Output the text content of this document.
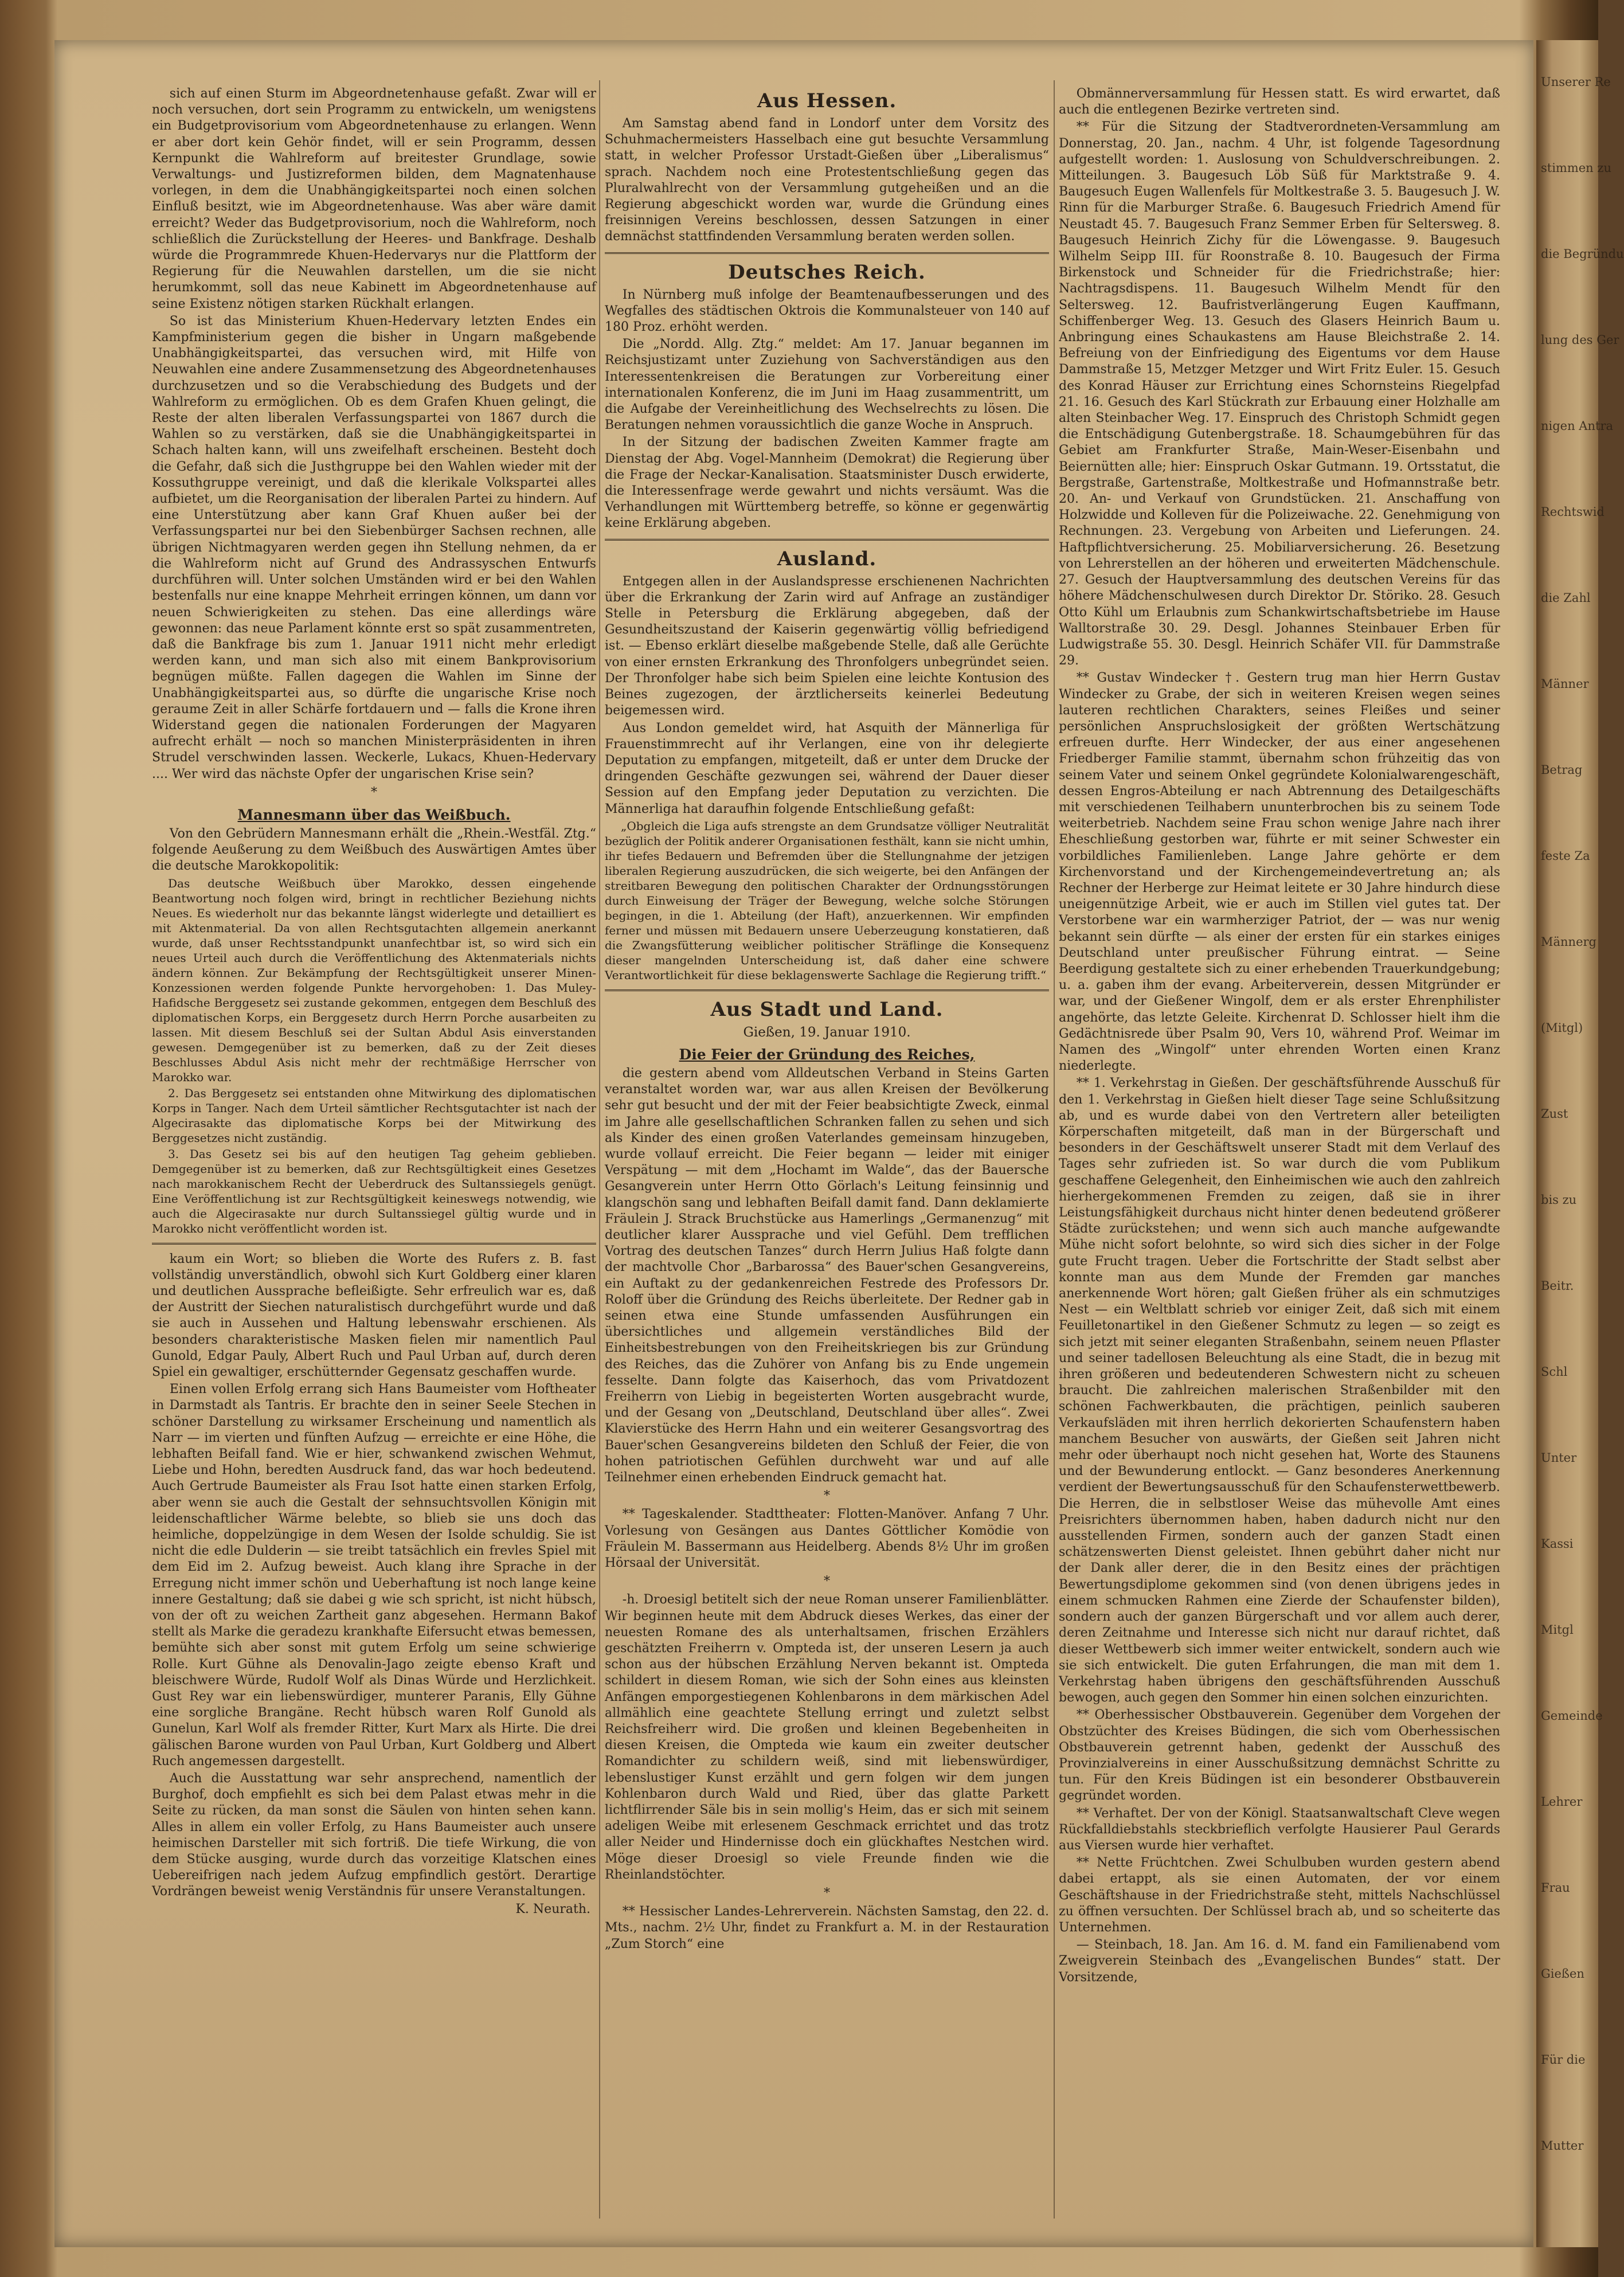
Unserer Re
stimmen zu
die Begründu
lung des Ger
nigen Antra
Rechtswid
die Zahl
Männer
Betrag
feste Za
Männerg
(Mitgl)
Zust
bis zu
Beitr.
Schl
Unter
Kassi
Mitgl
Gemeinde
Lehrer
Frau
Gießen
Für die
Mutter

sich auf einen Sturm im Abgeordnetenhause gefaßt. Zwar will er noch versuchen, dort sein Programm zu entwickeln, um wenigstens ein Budgetprovisorium vom Abgeordnetenhause zu erlangen. Wenn er aber dort kein Gehör findet, will er sein Programm, dessen Kernpunkt die Wahlreform auf breitester Grundlage, sowie Verwaltungs- und Justizreformen bilden, dem Magnatenhause vorlegen, in dem die Unabhängigkeitspartei noch einen solchen Einfluß besitzt, wie im Abgeordnetenhause. Was aber wäre damit erreicht? Weder das Budgetprovisorium, noch die Wahlreform, noch schließlich die Zurückstellung der Heeres- und Bankfrage. Deshalb würde die Programmrede Khuen-Hedervarys nur die Plattform der Regierung für die Neuwahlen darstellen, um die sie nicht herumkommt, soll das neue Kabinett im Abgeordnetenhause auf seine Existenz nötigen starken Rückhalt erlangen.

So ist das Ministerium Khuen-Hedervary letzten Endes ein Kampfministerium gegen die bisher in Ungarn maßgebende Unabhängigkeitspartei, das versuchen wird, mit Hilfe von Neuwahlen eine andere Zusammensetzung des Abgeordnetenhauses durchzusetzen und so die Verabschiedung des Budgets und der Wahlreform zu ermöglichen. Ob es dem Grafen Khuen gelingt, die Reste der alten liberalen Verfassungspartei von 1867 durch die Wahlen so zu verstärken, daß sie die Unabhängigkeitspartei in Schach halten kann, will uns zweifelhaft erscheinen. Besteht doch die Gefahr, daß sich die Justhgruppe bei den Wahlen wieder mit der Kossuthgruppe vereinigt, und daß die klerikale Volkspartei alles aufbietet, um die Reorganisation der liberalen Partei zu hindern. Auf eine Unterstützung aber kann Graf Khuen außer bei der Verfassungspartei nur bei den Siebenbürger Sachsen rechnen, alle übrigen Nichtmagyaren werden gegen ihn Stellung nehmen, da er die Wahlreform nicht auf Grund des Andrassyschen Entwurfs durchführen will. Unter solchen Umständen wird er bei den Wahlen bestenfalls nur eine knappe Mehrheit erringen können, um dann vor neuen Schwierigkeiten zu stehen. Das eine allerdings wäre gewonnen: das neue Parlament könnte erst so spät zusammentreten, daß die Bankfrage bis zum 1. Januar 1911 nicht mehr erledigt werden kann, und man sich also mit einem Bankprovisorium begnügen müßte. Fallen dagegen die Wahlen im Sinne der Unabhängigkeitspartei aus, so dürfte die ungarische Krise noch geraume Zeit in aller Schärfe fortdauern und — falls die Krone ihren Widerstand gegen die nationalen Forderungen der Magyaren aufrecht erhält — noch so manchen Ministerpräsidenten in ihren Strudel verschwinden lassen. Weckerle, Lukacs, Khuen-Hedervary .... Wer wird das nächste Opfer der ungarischen Krise sein?

*
Mannesmann über das Weißbuch.

Von den Gebrüdern Mannesmann erhält die „Rhein.-Westfäl. Ztg.“ folgende Aeußerung zu dem Weißbuch des Auswärtigen Amtes über die deutsche Marokkopolitik:

Das deutsche Weißbuch über Marokko, dessen eingehende Beantwortung noch folgen wird, bringt in rechtlicher Beziehung nichts Neues. Es wiederholt nur das bekannte längst widerlegte und detailliert es mit Aktenmaterial. Da von allen Rechtsgutachten allgemein anerkannt wurde, daß unser Rechtsstandpunkt unanfechtbar ist, so wird sich ein neues Urteil auch durch die Veröffentlichung des Aktenmaterials nichts ändern können. Zur Bekämpfung der Rechtsgültigkeit unserer Minen-Konzessionen werden folgende Punkte hervorgehoben: 1. Das Muley-Hafidsche Berggesetz sei zustande gekommen, entgegen dem Beschluß des diplomatischen Korps, ein Berggesetz durch Herrn Porche ausarbeiten zu lassen. Mit diesem Beschluß sei der Sultan Abdul Asis einverstanden gewesen. Demgegenüber ist zu bemerken, daß zu der Zeit dieses Beschlusses Abdul Asis nicht mehr der rechtmäßige Herrscher von Marokko war.

2. Das Berggesetz sei entstanden ohne Mitwirkung des diplomatischen Korps in Tanger. Nach dem Urteil sämtlicher Rechtsgutachter ist nach der Algecirasakte das diplomatische Korps bei der Mitwirkung des Berggesetzes nicht zuständig.

3. Das Gesetz sei bis auf den heutigen Tag geheim geblieben. Demgegenüber ist zu bemerken, daß zur Rechtsgültigkeit eines Gesetzes nach marokkanischem Recht der Ueberdruck des Sultanssiegels genügt. Eine Veröffentlichung ist zur Rechtsgültigkeit keineswegs notwendig, wie auch die Algecirasakte nur durch Sultanssiegel gültig wurde und in Marokko nicht veröffentlicht worden ist.

kaum ein Wort; so blieben die Worte des Rufers z. B. fast vollständig unverständlich, obwohl sich Kurt Goldberg einer klaren und deutlichen Aussprache befleißigte. Sehr erfreulich war es, daß der Austritt der Siechen naturalistisch durchgeführt wurde und daß sie auch in Aussehen und Haltung lebenswahr erschienen. Als besonders charakteristische Masken fielen mir namentlich Paul Gunold, Edgar Pauly, Albert Ruch und Paul Urban auf, durch deren Spiel ein gewaltiger, erschütternder Gegensatz geschaffen wurde.

Einen vollen Erfolg errang sich Hans Baumeister vom Hoftheater in Darmstadt als Tantris. Er brachte den in seiner Seele Stechen in schöner Darstellung zu wirksamer Erscheinung und namentlich als Narr — im vierten und fünften Aufzug — erreichte er eine Höhe, die lebhaften Beifall fand. Wie er hier, schwankend zwischen Wehmut, Liebe und Hohn, beredten Ausdruck fand, das war hoch bedeutend. Auch Gertrude Baumeister als Frau Isot hatte einen starken Erfolg, aber wenn sie auch die Gestalt der sehnsuchtsvollen Königin mit leidenschaftlicher Wärme belebte, so blieb sie uns doch das heimliche, doppelzüngige in dem Wesen der Isolde schuldig. Sie ist nicht die edle Dulderin — sie treibt tatsächlich ein frevles Spiel mit dem Eid im 2. Aufzug beweist. Auch klang ihre Sprache in der Erregung nicht immer schön und Ueberhaftung ist noch lange keine innere Gestaltung; daß sie dabei g wie sch spricht, ist nicht hübsch, von der oft zu weichen Zartheit ganz abgesehen. Hermann Bakof stellt als Marke die geradezu krankhafte Eifersucht etwas bemessen, bemühte sich aber sonst mit gutem Erfolg um seine schwierige Rolle. Kurt Gühne als Denovalin-Jago zeigte ebenso Kraft und bleischwere Würde, Rudolf Wolf als Dinas Würde und Herzlichkeit. Gust Rey war ein liebenswürdiger, munterer Paranis, Elly Gühne eine sorgliche Brangäne. Recht hübsch waren Rolf Gunold als Gunelun, Karl Wolf als fremder Ritter, Kurt Marx als Hirte. Die drei gälischen Barone wurden von Paul Urban, Kurt Goldberg und Albert Ruch angemessen dargestellt.

Auch die Ausstattung war sehr ansprechend, namentlich der Burghof, doch empfiehlt es sich bei dem Palast etwas mehr in die Seite zu rücken, da man sonst die Säulen von hinten sehen kann. Alles in allem ein voller Erfolg, zu Hans Baumeister auch unsere heimischen Darsteller mit sich fortriß. Die tiefe Wirkung, die von dem Stücke ausging, wurde durch das vorzeitige Klatschen eines Uebereifrigen nach jedem Aufzug empfindlich gestört. Derartige Vordrängen beweist wenig Verständnis für unsere Veranstaltungen.

K. Neurath.
Aus Hessen.

Am Samstag abend fand in Londorf unter dem Vorsitz des Schuhmachermeisters Hasselbach eine gut besuchte Versammlung statt, in welcher Professor Urstadt-Gießen über „Liberalismus“ sprach. Nachdem noch eine Protestentschließung gegen das Pluralwahlrecht von der Versammlung gutgeheißen und an die Regierung abgeschickt worden war, wurde die Gründung eines freisinnigen Vereins beschlossen, dessen Satzungen in einer demnächst stattfindenden Versammlung beraten werden sollen.

Deutsches Reich.

In Nürnberg muß infolge der Beamtenaufbesserungen und des Wegfalles des städtischen Oktrois die Kommunalsteuer von 140 auf 180 Proz. erhöht werden.

Die „Nordd. Allg. Ztg.“ meldet: Am 17. Januar begannen im Reichsjustizamt unter Zuziehung von Sachverständigen aus den Interessentenkreisen die Beratungen zur Vorbereitung einer internationalen Konferenz, die im Juni im Haag zusammentritt, um die Aufgabe der Vereinheitlichung des Wechselrechts zu lösen. Die Beratungen nehmen voraussichtlich die ganze Woche in Anspruch.

In der Sitzung der badischen Zweiten Kammer fragte am Dienstag der Abg. Vogel-Mannheim (Demokrat) die Regierung über die Frage der Neckar-Kanalisation. Staatsminister Dusch erwiderte, die Interessenfrage werde gewahrt und nichts versäumt. Was die Verhandlungen mit Württemberg betreffe, so könne er gegenwärtig keine Erklärung abgeben.

Ausland.

Entgegen allen in der Auslandspresse erschienenen Nachrichten über die Erkrankung der Zarin wird auf Anfrage an zuständiger Stelle in Petersburg die Erklärung abgegeben, daß der Gesundheitszustand der Kaiserin gegenwärtig völlig befriedigend ist. — Ebenso erklärt dieselbe maßgebende Stelle, daß alle Gerüchte von einer ernsten Erkrankung des Thronfolgers unbegründet seien. Der Thronfolger habe sich beim Spielen eine leichte Kontusion des Beines zugezogen, der ärztlicherseits keinerlei Bedeutung beigemessen wird.

Aus London gemeldet wird, hat Asquith der Männerliga für Frauenstimmrecht auf ihr Verlangen, eine von ihr delegierte Deputation zu empfangen, mitgeteilt, daß er unter dem Drucke der dringenden Geschäfte gezwungen sei, während der Dauer dieser Session auf den Empfang jeder Deputation zu verzichten. Die Männerliga hat daraufhin folgende Entschließung gefaßt:

„Obgleich die Liga aufs strengste an dem Grundsatze völliger Neutralität bezüglich der Politik anderer Organisationen festhält, kann sie nicht umhin, ihr tiefes Bedauern und Befremden über die Stellungnahme der jetzigen liberalen Regierung auszudrücken, die sich weigerte, bei den Anfängen der streitbaren Bewegung den politischen Charakter der Ordnungsstörungen durch Einweisung der Träger der Bewegung, welche solche Störungen begingen, in die 1. Abteilung (der Haft), anzuerkennen. Wir empfinden ferner und müssen mit Bedauern unsere Ueberzeugung konstatieren, daß die Zwangsfütterung weiblicher politischer Sträflinge die Konsequenz dieser mangelnden Unterscheidung ist, daß daher eine schwere Verantwortlichkeit für diese beklagenswerte Sachlage die Regierung trifft.“

Aus Stadt und Land.
Gießen, 19. Januar 1910.
Die Feier der Gründung des Reiches,

die gestern abend vom Alldeutschen Verband in Steins Garten veranstaltet worden war, war aus allen Kreisen der Bevölkerung sehr gut besucht und der mit der Feier beabsichtigte Zweck, einmal im Jahre alle gesellschaftlichen Schranken fallen zu sehen und sich als Kinder des einen großen Vaterlandes gemeinsam hinzugeben, wurde vollauf erreicht. Die Feier begann — leider mit einiger Verspätung — mit dem „Hochamt im Walde“, das der Bauersche Gesangverein unter Herrn Otto Görlach's Leitung feinsinnig und klangschön sang und lebhaften Beifall damit fand. Dann deklamierte Fräulein J. Strack Bruchstücke aus Hamerlings „Germanenzug“ mit deutlicher klarer Aussprache und viel Gefühl. Dem trefflichen Vortrag des deutschen Tanzes“ durch Herrn Julius Haß folgte dann der machtvolle Chor „Barbarossa“ des Bauer'schen Gesangvereins, ein Auftakt zu der gedankenreichen Festrede des Professors Dr. Roloff über die Gründung des Reichs überleitete. Der Redner gab in seinen etwa eine Stunde umfassenden Ausführungen ein übersichtliches und allgemein verständliches Bild der Einheitsbestrebungen von den Freiheitskriegen bis zur Gründung des Reiches, das die Zuhörer von Anfang bis zu Ende ungemein fesselte. Dann folgte das Kaiserhoch, das vom Privatdozent Freiherrn von Liebig in begeisterten Worten ausgebracht wurde, und der Gesang von „Deutschland, Deutschland über alles“. Zwei Klavierstücke des Herrn Hahn und ein weiterer Gesangsvortrag des Bauer'schen Gesangvereins bildeten den Schluß der Feier, die von hohen patriotischen Gefühlen durchweht war und auf alle Teilnehmer einen erhebenden Eindruck gemacht hat.

*

** Tageskalender. Stadttheater: Flotten-Manöver. Anfang 7 Uhr. Vorlesung von Gesängen aus Dantes Göttlicher Komödie von Fräulein M. Bassermann aus Heidelberg. Abends 8½ Uhr im großen Hörsaal der Universität.

*

-h. Droesigl betitelt sich der neue Roman unserer Familienblätter. Wir beginnen heute mit dem Abdruck dieses Werkes, das einer der neuesten Romane des als unterhaltsamen, frischen Erzählers geschätzten Freiherrn v. Ompteda ist, der unseren Lesern ja auch schon aus der hübschen Erzählung Nerven bekannt ist. Ompteda schildert in diesem Roman, wie sich der Sohn eines aus kleinsten Anfängen emporgestiegenen Kohlenbarons in dem märkischen Adel allmählich eine geachtete Stellung erringt und zuletzt selbst Reichsfreiherr wird. Die großen und kleinen Begebenheiten in diesen Kreisen, die Ompteda wie kaum ein zweiter deutscher Romandichter zu schildern weiß, sind mit liebenswürdiger, lebenslustiger Kunst erzählt und gern folgen wir dem jungen Kohlenbaron durch Wald und Ried, über das glatte Parkett lichtflirrender Säle bis in sein mollig's Heim, das er sich mit seinem adeligen Weibe mit erlesenem Geschmack errichtet und das trotz aller Neider und Hindernisse doch ein glückhaftes Nestchen wird. Möge dieser Droesigl so viele Freunde finden wie die Rheinlandstöchter.

*

** Hessischer Landes-Lehrerverein. Nächsten Samstag, den 22. d. Mts., nachm. 2½ Uhr, findet zu Frankfurt a. M. in der Restauration „Zum Storch“ eine

Obmännerversammlung für Hessen statt. Es wird erwartet, daß auch die entlegenen Bezirke vertreten sind.

** Für die Sitzung der Stadtverordneten-Versammlung am Donnerstag, 20. Jan., nachm. 4 Uhr, ist folgende Tagesordnung aufgestellt worden: 1. Auslosung von Schuldverschreibungen. 2. Mitteilungen. 3. Baugesuch Löb Süß für Marktstraße 9. 4. Baugesuch Eugen Wallenfels für Moltkestraße 3. 5. Baugesuch J. W. Rinn für die Marburger Straße. 6. Baugesuch Friedrich Amend für Neustadt 45. 7. Baugesuch Franz Semmer Erben für Seltersweg. 8. Baugesuch Heinrich Zichy für die Löwengasse. 9. Baugesuch Wilhelm Seipp III. für Roonstraße 8. 10. Baugesuch der Firma Birkenstock und Schneider für die Friedrichstraße; hier: Nachtragsdispens. 11. Baugesuch Wilhelm Mendt für den Seltersweg. 12. Baufristverlängerung Eugen Kauffmann, Schiffenberger Weg. 13. Gesuch des Glasers Heinrich Baum u. Anbringung eines Schaukastens am Hause Bleichstraße 2. 14. Befreiung von der Einfriedigung des Eigentums vor dem Hause Dammstraße 15, Metzger Metzger und Wirt Fritz Euler. 15. Gesuch des Konrad Häuser zur Errichtung eines Schornsteins Riegelpfad 21. 16. Gesuch des Karl Stückrath zur Erbauung einer Holzhalle am alten Steinbacher Weg. 17. Einspruch des Christoph Schmidt gegen die Entschädigung Gutenbergstraße. 18. Schaumgebühren für das Gebiet am Frankfurter Straße, Main-Weser-Eisenbahn und Beiernütten alle; hier: Einspruch Oskar Gutmann. 19. Ortsstatut, die Bergstraße, Gartenstraße, Moltkestraße und Hofmannstraße betr. 20. An- und Verkauf von Grundstücken. 21. Anschaffung von Holzwidde und Kolleven für die Polizeiwache. 22. Genehmigung von Rechnungen. 23. Vergebung von Arbeiten und Lieferungen. 24. Haftpflichtversicherung. 25. Mobiliarversicherung. 26. Besetzung von Lehrerstellen an der höheren und erweiterten Mädchenschule. 27. Gesuch der Hauptversammlung des deutschen Vereins für das höhere Mädchenschulwesen durch Direktor Dr. Störiko. 28. Gesuch Otto Kühl um Erlaubnis zum Schankwirtschaftsbetriebe im Hause Walltorstraße 30. 29. Desgl. Johannes Steinbauer Erben für Ludwigstraße 55. 30. Desgl. Heinrich Schäfer VII. für Dammstraße 29.

** Gustav Windecker †. Gestern trug man hier Herrn Gustav Windecker zu Grabe, der sich in weiteren Kreisen wegen seines lauteren rechtlichen Charakters, seines Fleißes und seiner persönlichen Anspruchslosigkeit der größten Wertschätzung erfreuen durfte. Herr Windecker, der aus einer angesehenen Friedberger Familie stammt, übernahm schon frühzeitig das von seinem Vater und seinem Onkel gegründete Kolonialwarengeschäft, dessen Engros-Abteilung er nach Abtrennung des Detailgeschäfts mit verschiedenen Teilhabern ununterbrochen bis zu seinem Tode weiterbetrieb. Nachdem seine Frau schon wenige Jahre nach ihrer Eheschließung gestorben war, führte er mit seiner Schwester ein vorbildliches Familienleben. Lange Jahre gehörte er dem Kirchenvorstand und der Kirchengemeindevertretung an; als Rechner der Herberge zur Heimat leitete er 30 Jahre hindurch diese uneigennützige Arbeit, wie er auch im Stillen viel gutes tat. Der Verstorbene war ein warmherziger Patriot, der — was nur wenig bekannt sein dürfte — als einer der ersten für ein starkes einiges Deutschland unter preußischer Führung eintrat. — Seine Beerdigung gestaltete sich zu einer erhebenden Trauerkundgebung; u. a. gaben ihm der evang. Arbeiterverein, dessen Mitgründer er war, und der Gießener Wingolf, dem er als erster Ehrenphilister angehörte, das letzte Geleite. Kirchenrat D. Schlosser hielt ihm die Gedächtnisrede über Psalm 90, Vers 10, während Prof. Weimar im Namen des „Wingolf“ unter ehrenden Worten einen Kranz niederlegte.

** 1. Verkehrstag in Gießen. Der geschäftsführende Ausschuß für den 1. Verkehrstag in Gießen hielt dieser Tage seine Schlußsitzung ab, und es wurde dabei von den Vertretern aller beteiligten Körperschaften mitgeteilt, daß man in der Bürgerschaft und besonders in der Geschäftswelt unserer Stadt mit dem Verlauf des Tages sehr zufrieden ist. So war durch die vom Publikum geschaffene Gelegenheit, den Einheimischen wie auch den zahlreich hierhergekommenen Fremden zu zeigen, daß sie in ihrer Leistungsfähigkeit durchaus nicht hinter denen bedeutend größerer Städte zurückstehen; und wenn sich auch manche aufgewandte Mühe nicht sofort belohnte, so wird sich dies sicher in der Folge gute Frucht tragen. Ueber die Fortschritte der Stadt selbst aber konnte man aus dem Munde der Fremden gar manches anerkennende Wort hören; galt Gießen früher als ein schmutziges Nest — ein Weltblatt schrieb vor einiger Zeit, daß sich mit einem Feuilletonartikel in den Gießener Schmutz zu legen — so zeigt es sich jetzt mit seiner eleganten Straßenbahn, seinem neuen Pflaster und seiner tadellosen Beleuchtung als eine Stadt, die in bezug mit ihren größeren und bedeutenderen Schwestern nicht zu scheuen braucht. Die zahlreichen malerischen Straßenbilder mit den schönen Fachwerkbauten, die prächtigen, peinlich sauberen Verkaufsläden mit ihren herrlich dekorierten Schaufenstern haben manchem Besucher von auswärts, der Gießen seit Jahren nicht mehr oder überhaupt noch nicht gesehen hat, Worte des Staunens und der Bewunderung entlockt. — Ganz besonderes Anerkennung verdient der Bewertungsausschuß für den Schaufensterwettbewerb. Die Herren, die in selbstloser Weise das mühevolle Amt eines Preisrichters übernommen haben, haben dadurch nicht nur den ausstellenden Firmen, sondern auch der ganzen Stadt einen schätzenswerten Dienst geleistet. Ihnen gebührt daher nicht nur der Dank aller derer, die in den Besitz eines der prächtigen Bewertungsdiplome gekommen sind (von denen übrigens jedes in einem schmucken Rahmen eine Zierde der Schaufenster bilden), sondern auch der ganzen Bürgerschaft und vor allem auch derer, deren Zeitnahme und Interesse sich nicht nur darauf richtet, daß dieser Wettbewerb sich immer weiter entwickelt, sondern auch wie sie sich entwickelt. Die guten Erfahrungen, die man mit dem 1. Verkehrstag haben übrigens den geschäftsführenden Ausschuß bewogen, auch gegen den Sommer hin einen solchen einzurichten.

** Oberhessischer Obstbauverein. Gegenüber dem Vorgehen der Obstzüchter des Kreises Büdingen, die sich vom Oberhessischen Obstbauverein getrennt haben, gedenkt der Ausschuß des Provinzialvereins in einer Ausschußsitzung demnächst Schritte zu tun. Für den Kreis Büdingen ist ein besonderer Obstbauverein gegründet worden.

** Verhaftet. Der von der Königl. Staatsanwaltschaft Cleve wegen Rückfalldiebstahls steckbrieflich verfolgte Hausierer Paul Gerards aus Viersen wurde hier verhaftet.

** Nette Früchtchen. Zwei Schulbuben wurden gestern abend dabei ertappt, als sie einen Automaten, der vor einem Geschäftshause in der Friedrichstraße steht, mittels Nachschlüssel zu öffnen versuchten. Der Schlüssel brach ab, und so scheiterte das Unternehmen.

— Steinbach, 18. Jan. Am 16. d. M. fand ein Familienabend vom Zweigverein Steinbach des „Evangelischen Bundes“ statt. Der Vorsitzende,
